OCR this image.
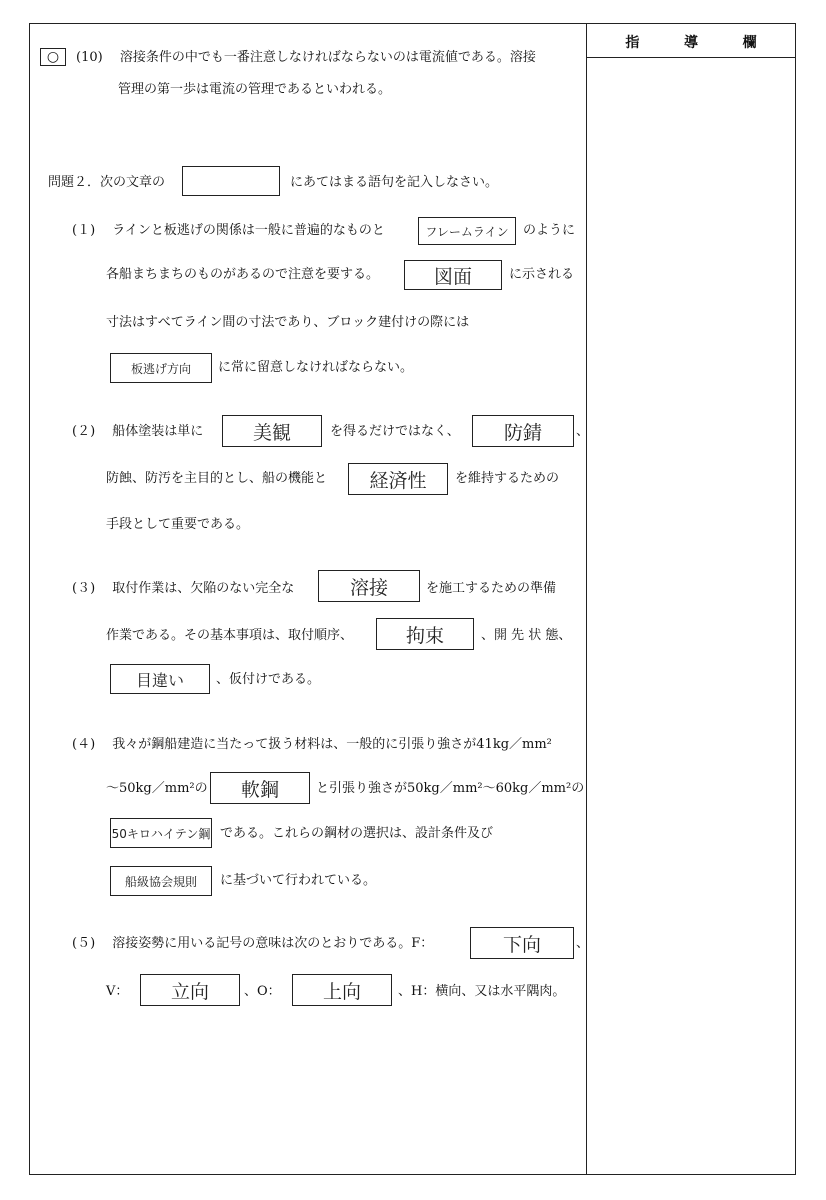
指	導	欄
○ (10)　 溶接条件の中でも一番注意しなければならないのは電流値である。溶接
管理の第一歩は電流の管理であるといわれる。
問題２．次の文章の	にあてはまる語句を記入しなさい。
(１)　 ラインと板逃げの関係は一般に普遍的なものと	フレームライン	のように
各船まちまちのものがあるので注意を要する。	図面	に示される
寸法はすべてライン間の寸法であり、ブロック建付けの際には
板逃げ方向	に常に留意しなければならない。
(２)　 船体塗装は単に	美観	を得るだけではなく、	防錆	、
防蝕、防汚を主目的とし、船の機能と	経済性	を維持するための
手段として重要である。
(３)　 取付作業は、欠陥のない完全な	溶接	を施工するための準備
作業である。その基本事項は、取付順序、	拘束	、開 先 状 態、
目違い	、仮付けである。
(４)　 我々が鋼船建造に当たって扱う材料は、一般的に引張り強さが41kg／mm²
〜50kg／mm²の	軟鋼	と引張り強さが50kg／mm²〜60kg／mm²の
50キロハイテン鋼 である。これらの鋼材の選択は、設計条件及び
船級協会規則	に基づいて行われている。
(５)　 溶接姿勢に用いる記号の意味は次のとおりである。F：	下向	、
V：	立向	、O：	上向	、H：横向、又は水平隅肉。
